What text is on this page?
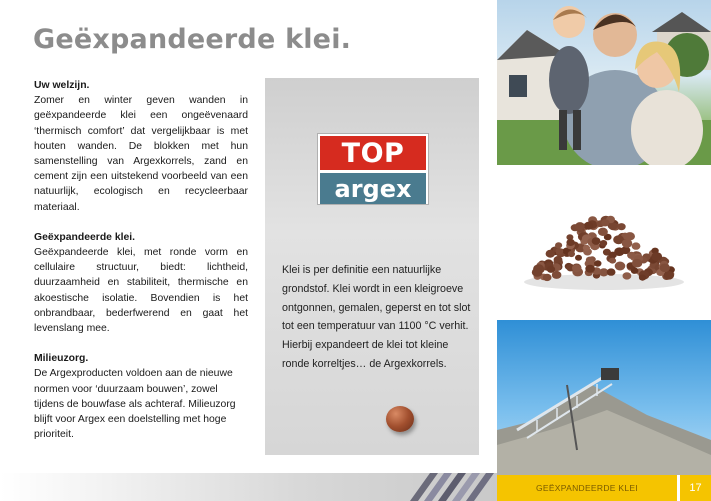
Geëxpandeerde klei.
Uw welzijn.

Zomer en winter geven wanden in geëxpandeerde klei een ongeëvenaard ‘thermisch comfort’ dat vergelijkbaar is met houten wanden. De blokken met hun samenstelling van Argexkorrels, zand en cement zijn een uitstekend voorbeeld van een natuurlijk, ecologisch en recycleerbaar materiaal.

Geëxpandeerde klei.

Geëxpandeerde klei, met ronde vorm en cellulaire structuur, biedt: lichtheid, duurzaamheid en stabiliteit, thermische en akoestische isolatie. Bovendien is het onbrandbaar, bederfwerend en gaat het levenslang mee.

Milieuzorg.

De Argexproducten voldoen aan de nieuwe normen voor ‘duurzaam bouwen’, zowel tijdens de bouwfase als achteraf. Milieuzorg blijft voor Argex een doelstelling met hoge prioriteit.

TOP
argex
Klei is per definitie een natuurlijke grondstof. Klei wordt in een kleigroeve ontgonnen, gemalen, geperst en tot slot tot een temperatuur van 1100 °C verhit. Hierbij expandeert de klei tot kleine ronde korreltjes… de Argexkorrels.
GEËXPANDEERDE KLEI	17
